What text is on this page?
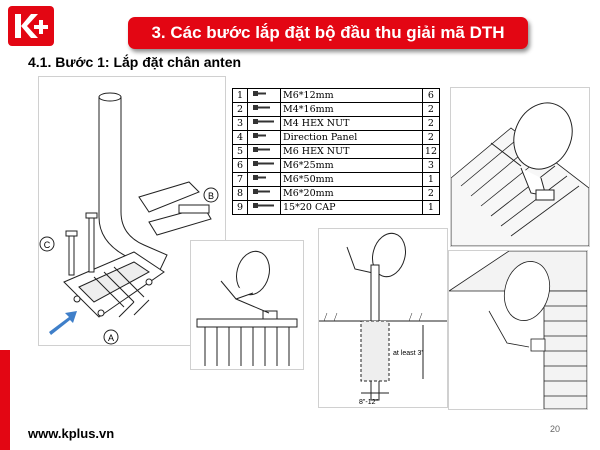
3. Các bước lắp đặt bộ đầu thu giải mã DTH
4.1. Bước 1: Lắp đặt chân anten
B
C
A
1		M6*12mm	6
2		M4*16mm	2
3		M4 HEX NUT	2
4		Direction Panel	2
5		M6 HEX NUT	12
6		M6*25mm	3
7		M6*50mm	1
8		M6*20mm	2
9		15*20 CAP	1
at least 3'
8"-12"
www.kplus.vn	20
